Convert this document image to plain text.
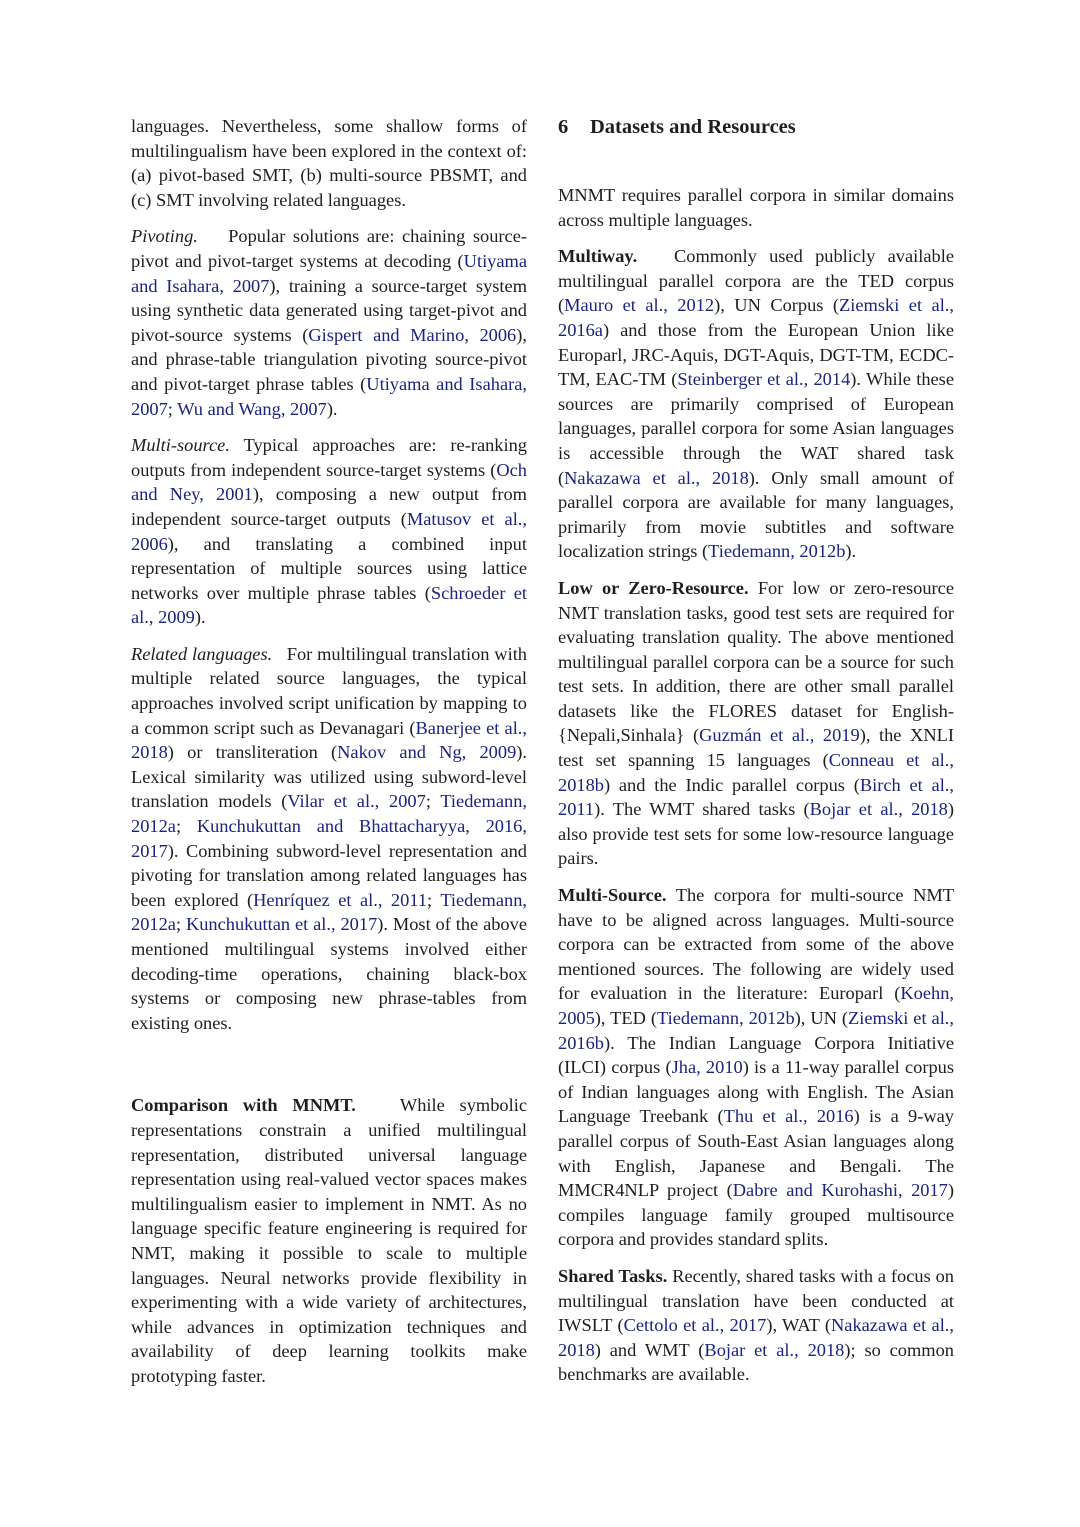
languages. Nevertheless, some shallow forms of multilingualism have been explored in the context of: (a) pivot-based SMT, (b) multi-source PBSMT, and (c) SMT involving related languages.

Pivoting. Popular solutions are: chaining source-pivot and pivot-target systems at decoding (Utiyama and Isahara, 2007), training a source-target system using synthetic data generated using target-pivot and pivot-source systems (Gispert and Marino, 2006), and phrase-table triangulation pivoting source-pivot and pivot-target phrase tables (Utiyama and Isahara, 2007; Wu and Wang, 2007).

Multi-source. Typical approaches are: re-ranking outputs from independent source-target systems (Och and Ney, 2001), composing a new output from independent source-target outputs (Matusov et al., 2006), and translating a combined input representation of multiple sources using lattice networks over multiple phrase tables (Schroeder et al., 2009).

Related languages. For multilingual translation with multiple related source languages, the typical approaches involved script unification by mapping to a common script such as Devanagari (Banerjee et al., 2018) or transliteration (Nakov and Ng, 2009). Lexical similarity was utilized using subword-level translation models (Vilar et al., 2007; Tiedemann, 2012a; Kunchukuttan and Bhattacharyya, 2016, 2017). Combining subword-level representation and pivoting for translation among related languages has been explored (Henríquez et al., 2011; Tiedemann, 2012a; Kunchukuttan et al., 2017). Most of the above mentioned multilingual systems involved either decoding-time operations, chaining black-box systems or composing new phrase-tables from existing ones.

Comparison with MNMT. While symbolic representations constrain a unified multilingual representation, distributed universal language representation using real-valued vector spaces makes multilingualism easier to implement in NMT. As no language specific feature engineering is required for NMT, making it possible to scale to multiple languages. Neural networks provide flexibility in experimenting with a wide variety of architectures, while advances in optimization techniques and availability of deep learning toolkits make prototyping faster.

6 Datasets and Resources

MNMT requires parallel corpora in similar domains across multiple languages.

Multiway. Commonly used publicly available multilingual parallel corpora are the TED corpus (Mauro et al., 2012), UN Corpus (Ziemski et al., 2016a) and those from the European Union like Europarl, JRC-Aquis, DGT-Aquis, DGT-TM, ECDC-TM, EAC-TM (Steinberger et al., 2014). While these sources are primarily comprised of European languages, parallel corpora for some Asian languages is accessible through the WAT shared task (Nakazawa et al., 2018). Only small amount of parallel corpora are available for many languages, primarily from movie subtitles and software localization strings (Tiedemann, 2012b).

Low or Zero-Resource. For low or zero-resource NMT translation tasks, good test sets are required for evaluating translation quality. The above mentioned multilingual parallel corpora can be a source for such test sets. In addition, there are other small parallel datasets like the FLORES dataset for English-{Nepali,Sinhala} (Guzmán et al., 2019), the XNLI test set spanning 15 languages (Conneau et al., 2018b) and the Indic parallel corpus (Birch et al., 2011). The WMT shared tasks (Bojar et al., 2018) also provide test sets for some low-resource language pairs.

Multi-Source. The corpora for multi-source NMT have to be aligned across languages. Multi-source corpora can be extracted from some of the above mentioned sources. The following are widely used for evaluation in the literature: Europarl (Koehn, 2005), TED (Tiedemann, 2012b), UN (Ziemski et al., 2016b). The Indian Language Corpora Initiative (ILCI) corpus (Jha, 2010) is a 11-way parallel corpus of Indian languages along with English. The Asian Language Treebank (Thu et al., 2016) is a 9-way parallel corpus of South-East Asian languages along with English, Japanese and Bengali. The MMCR4NLP project (Dabre and Kurohashi, 2017) compiles language family grouped multisource corpora and provides standard splits.

Shared Tasks. Recently, shared tasks with a focus on multilingual translation have been conducted at IWSLT (Cettolo et al., 2017), WAT (Nakazawa et al., 2018) and WMT (Bojar et al., 2018); so common benchmarks are available.
